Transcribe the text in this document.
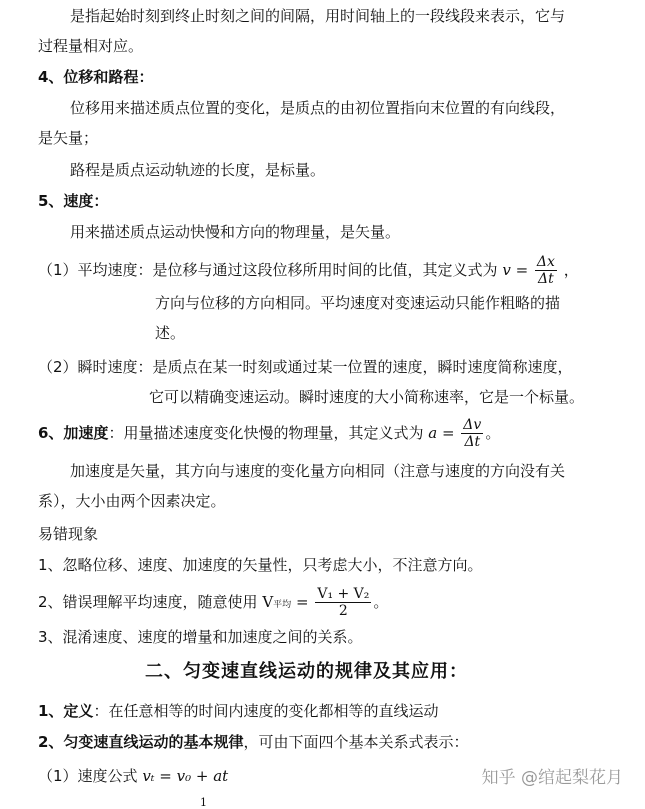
是指起始时刻到终止时刻之间的间隔，用时间轴上的一段线段来表示，它与
过程量相对应。
4、位移和路程：
位移用来描述质点位置的变化，是质点的由初位置指向末位置的有向线段，
是矢量；
路程是质点运动轨迹的长度，是标量。
5、速度：
用来描述质点运动快慢和方向的物理量，是矢量。
（1）平均速度：是位移与通过这段位移所用时间的比值，其定义式为 $v = \frac{\Delta x}{\Delta t}$ ，
方向与位移的方向相同。平均速度对变速运动只能作粗略的描
述。
（2）瞬时速度：是质点在某一时刻或通过某一位置的速度，瞬时速度简称速度，
它可以精确变速运动。瞬时速度的大小简称速率，它是一个标量。
6、加速度：用量描述速度变化快慢的物理量，其定义式为 $a = \frac{\Delta v}{\Delta t}$ 。
加速度是矢量，其方向与速度的变化量方向相同（注意与速度的方向没有关
系），大小由两个因素决定。
易错现象
1、忽略位移、速度、加速度的矢量性，只考虑大小，不注意方向。
2、错误理解平均速度，随意使用 V平均 = $\frac{\text{V₁ + V₂}}{2}$ 。
3、混淆速度、速度的增量和加速度之间的关系。
二、匀变速直线运动的规律及其应用：
1、定义：在任意相等的时间内速度的变化都相等的直线运动
2、匀变速直线运动的基本规律，可由下面四个基本关系式表示：
（1）速度公式 vₜ = v₀ + at
1
知乎 @绾起梨花月
